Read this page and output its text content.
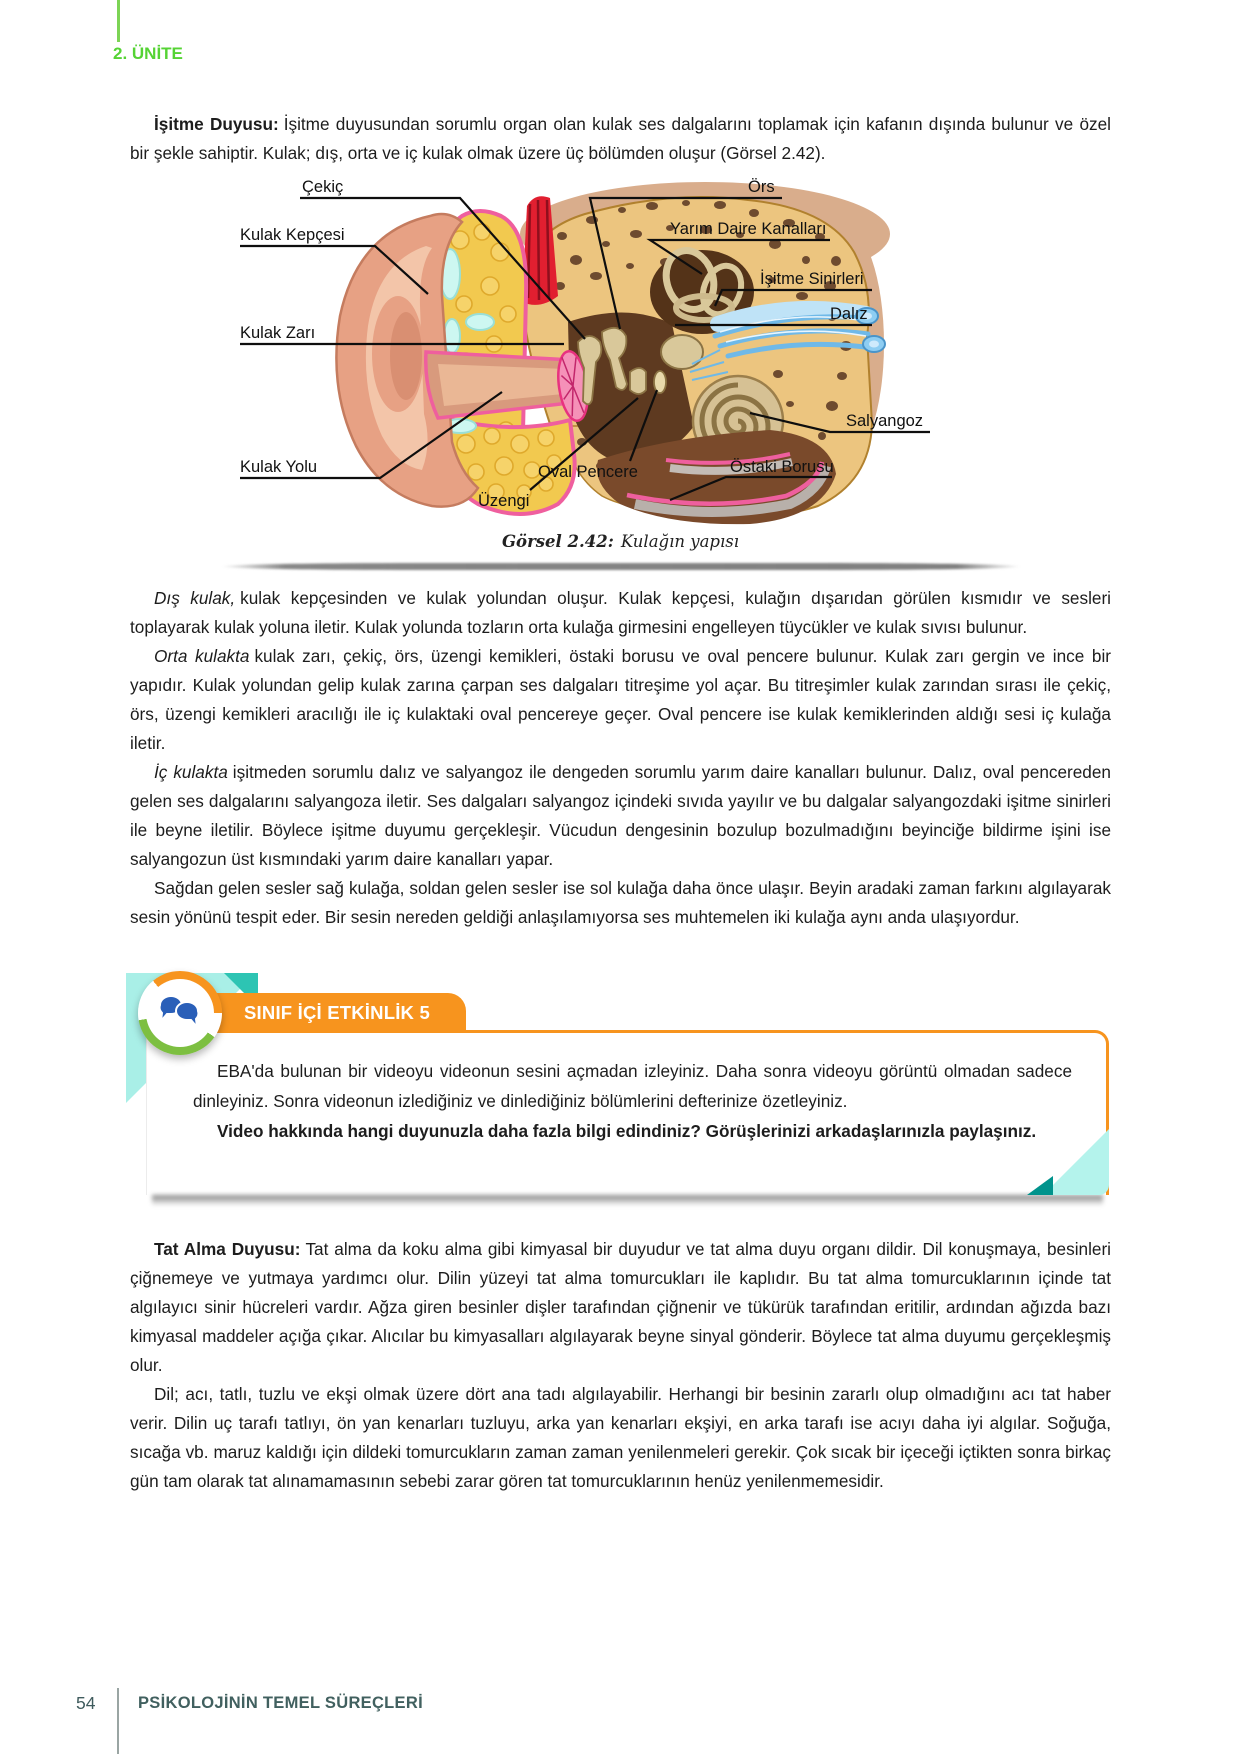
2. ÜNİTE

İşitme Duyusu: İşitme duyusundan sorumlu organ olan kulak ses dalgalarını toplamak için kafanın dışında bulunur ve özel bir şekle sahiptir. Kulak; dış, orta ve iç kulak olmak üzere üç bölümden oluşur (Görsel 2.42).

Çekiç	Örs
Kulak Kepçesi	Yarım Daire Kanalları
İşitme Sinirleri
Dalız
Kulak Zarı
Salyangoz
Kulak Yolu	Oval Pencere
Üzengi
Östaki Borusu
Görsel 2.42: Kulağın yapısı

Dış kulak, kulak kepçesinden ve kulak yolundan oluşur. Kulak kepçesi, kulağın dışarıdan görülen kısmıdır ve sesleri toplayarak kulak yoluna iletir. Kulak yolunda tozların orta kulağa girmesini engelleyen tüycükler ve kulak sıvısı bulunur.

Orta kulakta kulak zarı, çekiç, örs, üzengi kemikleri, östaki borusu ve oval pencere bulunur. Kulak zarı gergin ve ince bir yapıdır. Kulak yolundan gelip kulak zarına çarpan ses dalgaları titreşime yol açar. Bu titreşimler kulak zarından sırası ile çekiç, örs, üzengi kemikleri aracılığı ile iç kulaktaki oval pencereye geçer. Oval pencere ise kulak kemiklerinden aldığı sesi iç kulağa iletir.

İç kulakta işitmeden sorumlu dalız ve salyangoz ile dengeden sorumlu yarım daire kanalları bulunur. Dalız, oval pencereden gelen ses dalgalarını salyangoza iletir. Ses dalgaları salyangoz içindeki sıvıda yayılır ve bu dalgalar salyangozdaki işitme sinirleri ile beyne iletilir. Böylece işitme duyumu gerçekleşir. Vücudun dengesinin bozulup bozulmadığını beyinciğe bildirme işini ise salyangozun üst kısmındaki yarım daire kanalları yapar.

Sağdan gelen sesler sağ kulağa, soldan gelen sesler ise sol kulağa daha önce ulaşır. Beyin aradaki zaman farkını algılayarak sesin yönünü tespit eder. Bir sesin nereden geldiği anlaşılamıyorsa ses muhtemelen iki kulağa aynı anda ulaşıyordur.

SINIF İÇİ ETKİNLİK 5

EBA'da bulunan bir videoyu videonun sesini açmadan izleyiniz. Daha sonra videoyu görüntü olmadan sadece dinleyiniz. Sonra videonun izlediğiniz ve dinlediğiniz bölümlerini defterinize özetleyiniz.

Video hakkında hangi duyunuzla daha fazla bilgi edindiniz? Görüşlerinizi arkadaşlarınızla paylaşınız.

Tat Alma Duyusu: Tat alma da koku alma gibi kimyasal bir duyudur ve tat alma duyu organı dildir. Dil konuşmaya, besinleri çiğnemeye ve yutmaya yardımcı olur. Dilin yüzeyi tat alma tomurcukları ile kaplıdır. Bu tat alma tomurcuklarının içinde tat algılayıcı sinir hücreleri vardır. Ağza giren besinler dişler tarafından çiğnenir ve tükürük tarafından eritilir, ardından ağızda bazı kimyasal maddeler açığa çıkar. Alıcılar bu kimyasalları algılayarak beyne sinyal gönderir. Böylece tat alma duyumu gerçekleşmiş olur.

Dil; acı, tatlı, tuzlu ve ekşi olmak üzere dört ana tadı algılayabilir. Herhangi bir besinin zararlı olup olmadığını acı tat haber verir. Dilin uç tarafı tatlıyı, ön yan kenarları tuzluyu, arka yan kenarları ekşiyi, en arka tarafı ise acıyı daha iyi algılar. Soğuğa, sıcağa vb. maruz kaldığı için dildeki tomurcukların zaman zaman yenilenmeleri gerekir. Çok sıcak bir içeceği içtikten sonra birkaç gün tam olarak tat alınamamasının sebebi zarar gören tat tomurcuklarının henüz yenilenmemesidir.

54	PSİKOLOJİNİN TEMEL SÜREÇLERİ
